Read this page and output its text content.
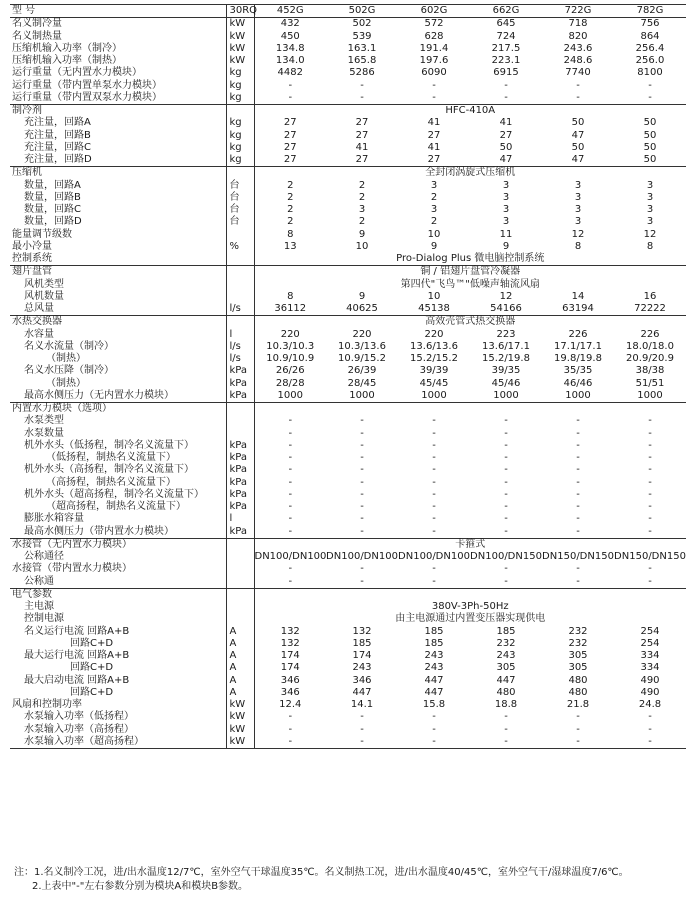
型 号	30RQ	452G	502G	602G	662G	722G	782G
名义制冷量	kW	432	502	572	645	718	756
名义制热量	kW	450	539	628	724	820	864
压缩机输入功率（制冷）	kW	134.8	163.1	191.4	217.5	243.6	256.4
压缩机输入功率（制热）	kW	134.0	165.8	197.6	223.1	248.6	256.0
运行重量（无内置水力模块）	kg	4482	5286	6090	6915	7740	8100
运行重量（带内置单泵水力模块）	kg	-	-	-	-	-	-
运行重量（带内置双泵水力模块）	kg	-	-	-	-	-	-
制冷剂		HFC-410A					
充注量，回路A	kg	27	27	41	41	50	50
充注量，回路B	kg	27	27	27	27	47	50
充注量，回路C	kg	27	41	41	50	50	50
充注量，回路D	kg	27	27	27	47	47	50
压缩机		全封闭涡旋式压缩机					
数量，回路A	台	2	2	3	3	3	3
数量，回路B	台	2	2	2	3	3	3
数量，回路C	台	2	3	3	3	3	3
数量，回路D	台	2	2	2	3	3	3
能量调节级数		8	9	10	11	12	12
最小冷量	%	13	10	9	9	8	8
控制系统		Pro-Dialog Plus 微电脑控制系统					
翅片盘管		铜 / 铝翅片盘管冷凝器					
风机类型		第四代"飞鸟™"低噪声轴流风扇					
风机数量		8	9	10	12	14	16
总风量	l/s	36112	40625	45138	54166	63194	72222
水热交换器		高效壳管式热交换器					
水容量	l	220	220	220	223	226	226
名义水流量（制冷）	l/s	10.3/10.3	10.3/13.6	13.6/13.6	13.6/17.1	17.1/17.1	18.0/18.0
（制热）	l/s	10.9/10.9	10.9/15.2	15.2/15.2	15.2/19.8	19.8/19.8	20.9/20.9
名义水压降（制冷）	kPa	26/26	26/39	39/39	39/35	35/35	38/38
（制热）	kPa	28/28	28/45	45/45	45/46	46/46	51/51
最高水侧压力（无内置水力模块）	kPa	1000	1000	1000	1000	1000	1000
内置水力模块（选项）							
水泵类型		-	-	-	-	-	-
水泵数量		-	-	-	-	-	-
机外水头（低扬程，制冷名义流量下）	kPa	-	-	-	-	-	-
（低扬程，制热名义流量下）	kPa	-	-	-	-	-	-
机外水头（高扬程，制冷名义流量下）	kPa	-	-	-	-	-	-
（高扬程，制热名义流量下）	kPa	-	-	-	-	-	-
机外水头（超高扬程，制冷名义流量下）	kPa	-	-	-	-	-	-
（超高扬程，制热名义流量下）	kPa	-	-	-	-	-	-
膨胀水箱容量	l	-	-	-	-	-	-
最高水侧压力（带内置水力模块）	kPa	-	-	-	-	-	-
水接管（无内置水力模块）		卡箍式					
公称通径		DN100/DN100	DN100/DN100	DN100/DN100	DN100/DN150	DN150/DN150	DN150/DN150
水接管（带内置水力模块）		-	-	-	-	-	-
公称通		-	-	-	-	-	-
电气参数							
主电源		380V-3Ph-50Hz					
控制电源		由主电源通过内置变压器实现供电					
名义运行电流 回路A+B	A	132	132	185	185	232	254
回路C+D	A	132	185	185	232	232	254
最大运行电流 回路A+B	A	174	174	243	243	305	334
回路C+D	A	174	243	243	305	305	334
最大启动电流 回路A+B	A	346	346	447	447	480	490
回路C+D	A	346	447	447	480	480	490
风扇和控制功率	kW	12.4	14.1	15.8	18.8	21.8	24.8
水泵输入功率（低扬程）	kW	-	-	-	-	-	-
水泵输入功率（高扬程）	kW	-	-	-	-	-	-
水泵输入功率（超高扬程）	kW	-	-	-	-	-	-
注：1.名义制冷工况，进/出水温度12/7℃，室外空气干球温度35℃。名义制热工况，进/出水温度40/45℃，室外空气干/湿球温度7/6℃。
2.上表中"-"左右参数分别为模块A和模块B参数。
